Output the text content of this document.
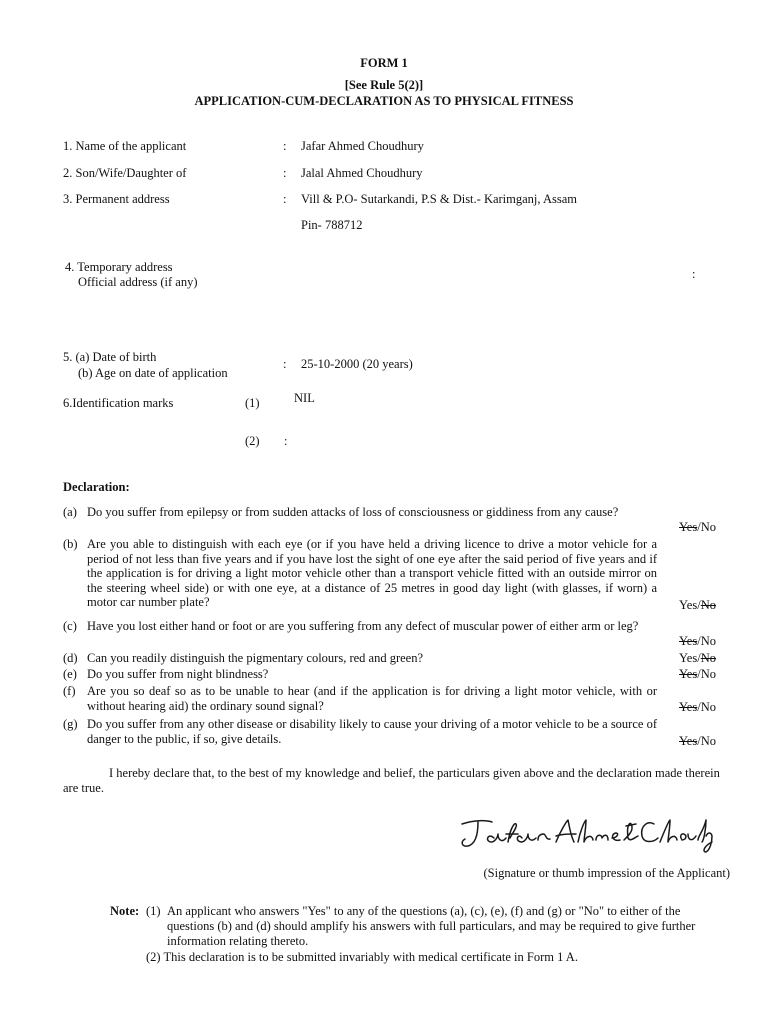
FORM 1
[See Rule 5(2)]
APPLICATION-CUM-DECLARATION AS TO PHYSICAL FITNESS
1. Name of the applicant	: Jafar Ahmed Choudhury
2. Son/Wife/Daughter of	: Jalal Ahmed Choudhury
3. Permanent address	: Vill & P.O- Sutarkandi, P.S & Dist.- Karimganj, Assam
Pin- 788712
4. Temporary address
Official address (if any)
:
5. (a) Date of birth
(b) Age on date of application
: 25-10-2000 (20 years)
6.Identification marks	(1)	NIL
(2) :
Declaration:
(a) Do you suffer from epilepsy or from sudden attacks of loss of consciousness or giddiness from any cause?
Yes/No
(b) Are you able to distinguish with each eye (or if you have held a driving licence to drive a motor vehicle for a period of not less than five years and if you have lost the sight of one eye after the said period of five years and if the application is for driving a light motor vehicle other than a transport vehicle fitted with an outside mirror on the steering wheel side) or with one eye, at a distance of 25 metres in good day light (with glasses, if worn) a motor car number plate?	Yes/No
(c) Have you lost either hand or foot or are you suffering from any defect of muscular power of either arm or leg?
Yes/No
(d) Can you readily distinguish the pigmentary colours, red and green?	Yes/No
(e) Do you suffer from night blindness?	Yes/No
(f) Are you so deaf so as to be unable to hear (and if the application is for driving a light motor vehicle, with or without hearing aid) the ordinary sound signal?	Yes/No
(g) Do you suffer from any other disease or disability likely to cause your driving of a motor vehicle to be a source of danger to the public, if so, give details.	Yes/No
I hereby declare that, to the best of my knowledge and belief, the particulars given above and the declaration made therein are true.
(Signature or thumb impression of the Applicant)
Note: (1) An applicant who answers "Yes" to any of the questions (a), (c), (e), (f) and (g) or "No" to either of the questions (b) and (d) should amplify his answers with full particulars, and may be required to give further information relating thereto.
(2) This declaration is to be submitted invariably with medical certificate in Form 1 A.
